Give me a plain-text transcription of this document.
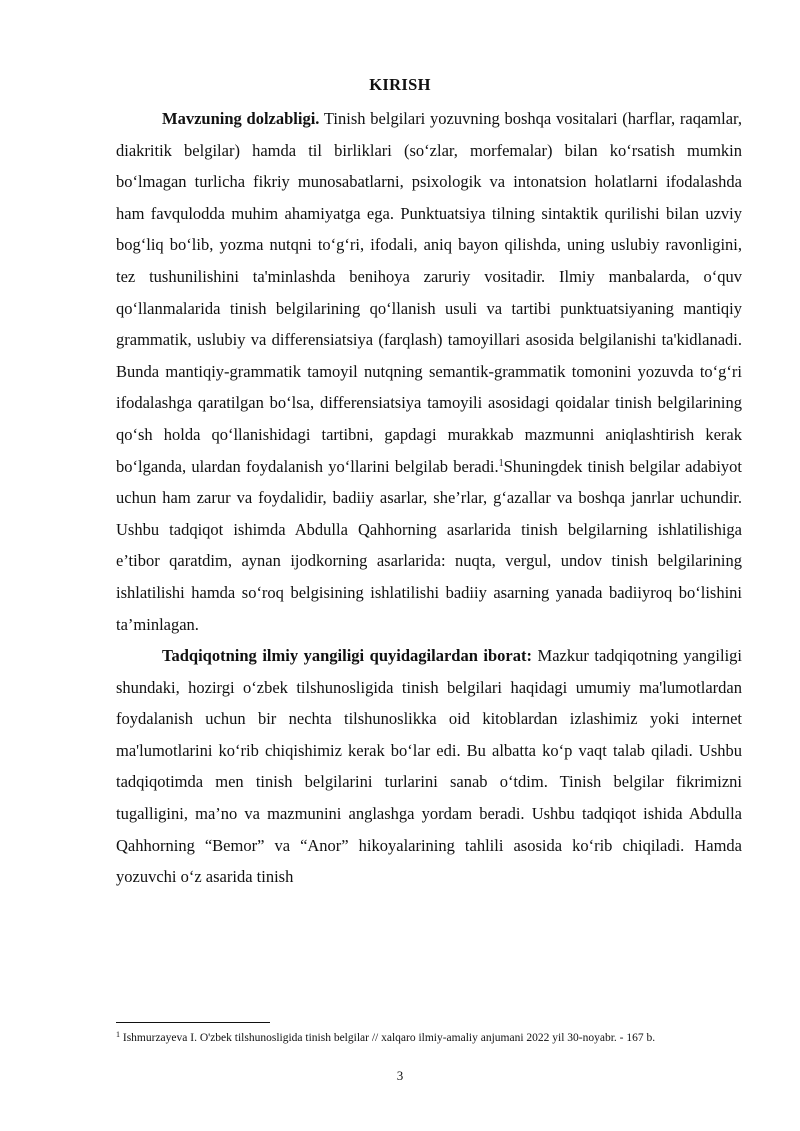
KIRISH

Mavzuning dolzabligi. Tinish belgilari yozuvning boshqa vositalari (harflar, raqamlar, diakritik belgilar) hamda til birliklari (so‘zlar, morfemalar) bilan ko‘rsatish mumkin bo‘lmagan turlicha fikriy munosabatlarni, psixologik va intonatsion holatlarni ifodalashda ham favqulodda muhim ahamiyatga ega. Punktuatsiya tilning sintaktik qurilishi bilan uzviy bog‘liq bo‘lib, yozma nutqni to‘g‘ri, ifodali, aniq bayon qilishda, uning uslubiy ravonligini, tez tushunilishini ta'minlashda benihoya zaruriy vositadir. Ilmiy manbalarda, o‘quv qo‘llanmalarida tinish belgilarining qo‘llanish usuli va tartibi punktuatsiyaning mantiqiy grammatik, uslubiy va differensiatsiya (farqlash) tamoyillari asosida belgilanishi ta'kidlanadi. Bunda mantiqiy-grammatik tamoyil nutqning semantik-grammatik tomonini yozuvda to‘g‘ri ifodalashga qaratilgan bo‘lsa, differensiatsiya tamoyili asosidagi qoidalar tinish belgilarining qo‘sh holda qo‘llanishidagi tartibni, gapdagi murakkab mazmunni aniqlashtirish kerak bo‘lganda, ulardan foydalanish yo‘llarini belgilab beradi.$^1$Shuningdek tinish belgilar adabiyot uchun ham zarur va foydalidir, badiiy asarlar, she’rlar, g‘azallar va boshqa janrlar uchundir. Ushbu tadqiqot ishimda Abdulla Qahhorning asarlarida tinish belgilarning ishlatilishiga e’tibor qaratdim, aynan ijodkorning asarlarida: nuqta, vergul, undov tinish belgilarining ishlatilishi hamda so‘roq belgisining ishlatilishi badiiy asarning yanada badiiyroq bo‘lishini ta’minlagan.

Tadqiqotning ilmiy yangiligi quyidagilardan iborat: Mazkur tadqiqotning yangiligi shundaki, hozirgi o‘zbek tilshunosligida tinish belgilari haqidagi umumiy ma'lumotlardan foydalanish uchun bir nechta tilshunoslikka oid kitoblardan izlashimiz yoki internet ma'lumotlarini ko‘rib chiqishimiz kerak bo‘lar edi. Bu albatta ko‘p vaqt talab qiladi. Ushbu tadqiqotimda men tinish belgilarini turlarini sanab o‘tdim. Tinish belgilar fikrimizni tugalligini, ma’no va mazmunini anglashga yordam beradi. Ushbu tadqiqot ishida Abdulla Qahhorning “Bemor” va “Anor” hikoyalarining tahlili asosida ko‘rib chiqiladi. Hamda yozuvchi o‘z asarida tinish

$^1$ Ishmurzayeva I. O'zbek tilshunosligida tinish belgilar // xalqaro ilmiy-amaliy anjumani 2022 yil 30-noyabr. - 167 b.
3
